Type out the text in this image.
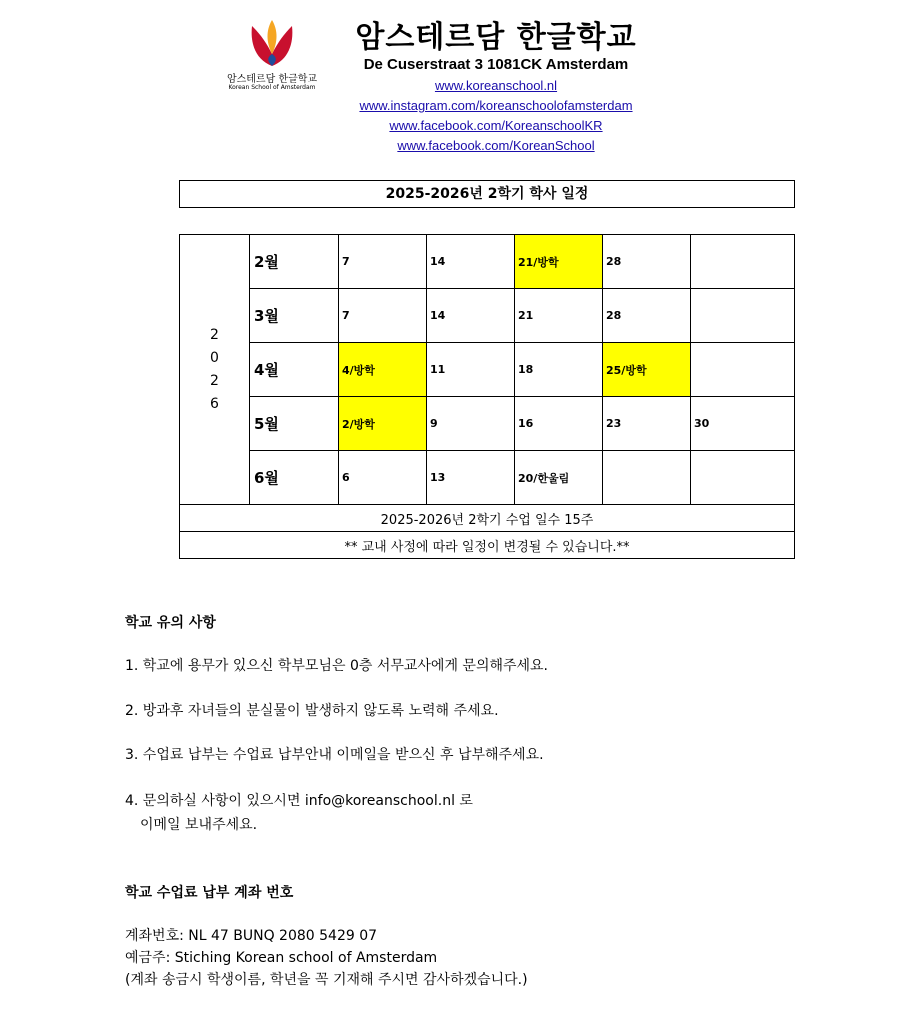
암스테르담 한글학교
Korean School of Amsterdam
암스테르담 한글학교
De Cuserstraat 3 1081CK Amsterdam
www.koreanschool.nl
www.instagram.com/koreanschoolofamsterdam
www.facebook.com/KoreanschoolKR
www.facebook.com/KoreanSchool
2025-2026년 2학기 학사 일정
2
0
2
6	2월	7	14	21/방학	28	
	3월	7	14	21	28	
	4월	4/방학	11	18	25/방학	
	5월	2/방학	9	16	23	30
	6월	6	13	20/한울림		
2025-2026년 2학기 수업 일수 15주						
** 교내 사정에 따라 일정이 변경될 수 있습니다.**						
학교 유의 사항
1. 학교에 용무가 있으신 학부모님은 0층 서무교사에게 문의해주세요.
2. 방과후 자녀들의 분실물이 발생하지 않도록 노력해 주세요.
3. 수업료 납부는 수업료 납부안내 이메일을 받으신 후 납부해주세요.
4. 문의하실 사항이 있으시면 info@koreanschool.nl 로
이메일 보내주세요.
학교 수업료 납부 계좌 번호
계좌번호: NL 47 BUNQ 2080 5429 07
예금주: Stiching Korean school of Amsterdam
(계좌 송금시 학생이름, 학년을 꼭 기재해 주시면 감사하겠습니다.)
